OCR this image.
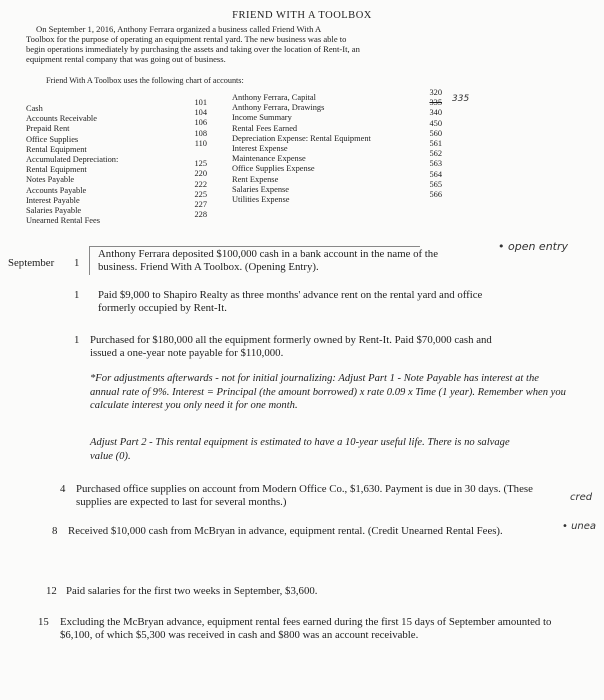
FRIEND WITH A TOOLBOX

On September 1, 2016, Anthony Ferrara organized a business called Friend With A

Toolbox for the purpose of operating an equipment rental yard. The new business was able to

begin operations immediately by purchasing the assets and taking over the location of Rent-It, an

equipment rental company that was going out of business.

Friend With A Toolbox uses the following chart of accounts:
Cash
Accounts Receivable
Prepaid Rent
Office Supplies
Rental Equipment
Accumulated Depreciation:
Rental Equipment
Notes Payable
Accounts Payable
Interest Payable
Salaries Payable
Unearned Rental Fees
101
104
106
108
110
125
220
222
225
227
228
Anthony Ferrara, Capital
Anthony Ferrara, Drawings
Income Summary
Rental Fees Earned
Depreciation Expense: Rental Equipment
Interest Expense
Maintenance Expense
Office Supplies Expense
Rent Expense
Salaries Expense
Utilities Expense
320
335
340
450
560
561
562
563
564
565
566
335
September 1
Anthony Ferrara deposited $100,000 cash in a bank account in the name of the business. Friend With A Toolbox. (Opening Entry).
• open entry
1 Paid $9,000 to Shapiro Realty as three months' advance rent on the rental yard and office formerly occupied by Rent-It.
1 Purchased for $180,000 all the equipment formerly owned by Rent-It. Paid $70,000 cash and issued a one-year note payable for $110,000.
*For adjustments afterwards - not for initial journalizing: Adjust Part 1 - Note Payable has interest at the annual rate of 9%. Interest = Principal (the amount borrowed) x rate 0.09 x Time (1 year). Remember when you calculate interest you only need it for one month.
Adjust Part 2 - This rental equipment is estimated to have a 10-year useful life. There is no salvage value (0).
4 Purchased office supplies on account from Modern Office Co., $1,630. Payment is due in 30 days. (These supplies are expected to last for several months.)	cred
• unea
8 Received $10,000 cash from McBryan in advance, equipment rental. (Credit Unearned Rental Fees).
12 Paid salaries for the first two weeks in September, $3,600.
15 Excluding the McBryan advance, equipment rental fees earned during the first 15 days of September amounted to $6,100, of which $5,300 was received in cash and $800 was an account receivable.
